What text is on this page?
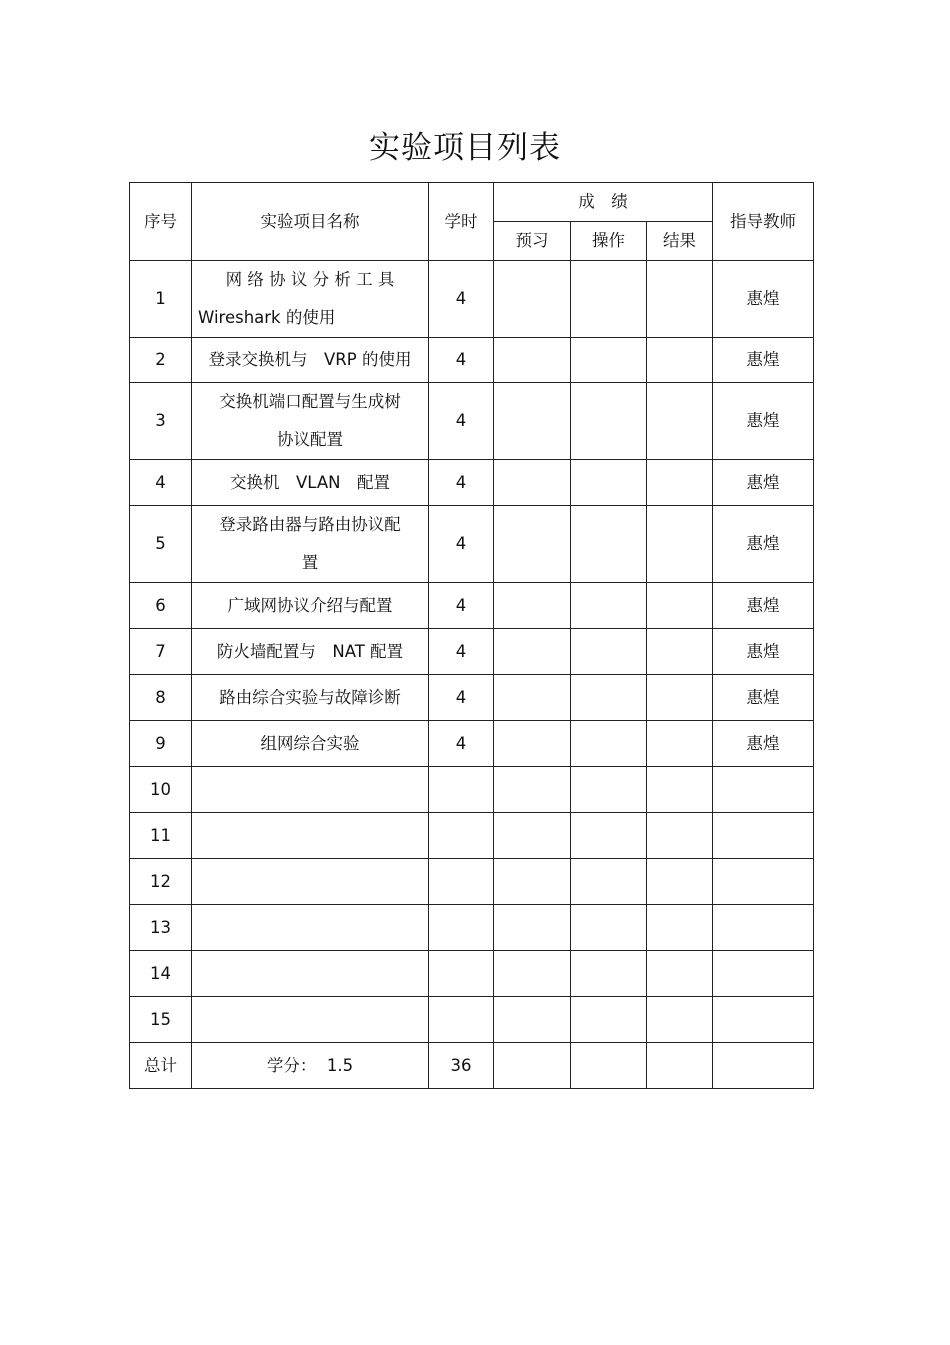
实验项目列表
序号	实验项目名称	学时	成　绩			指导教师
			预习	操作	结果	
1	网 络 协 议 分 析 工 具 Wireshark 的使用	4				惠煌
2	登录交换机与　VRP 的使用	4				惠煌
3	交换机端口配置与生成树协议配置	4				惠煌
4	交换机　VLAN　配置	4				惠煌
5	登录路由器与路由协议配置	4				惠煌
6	广域网协议介绍与配置	4				惠煌
7	防火墙配置与　NAT 配置	4				惠煌
8	路由综合实验与故障诊断	4				惠煌
9	组网综合实验	4				惠煌
10						
11						
12						
13						
14						
15						
总计	学分：  1.5	36				
